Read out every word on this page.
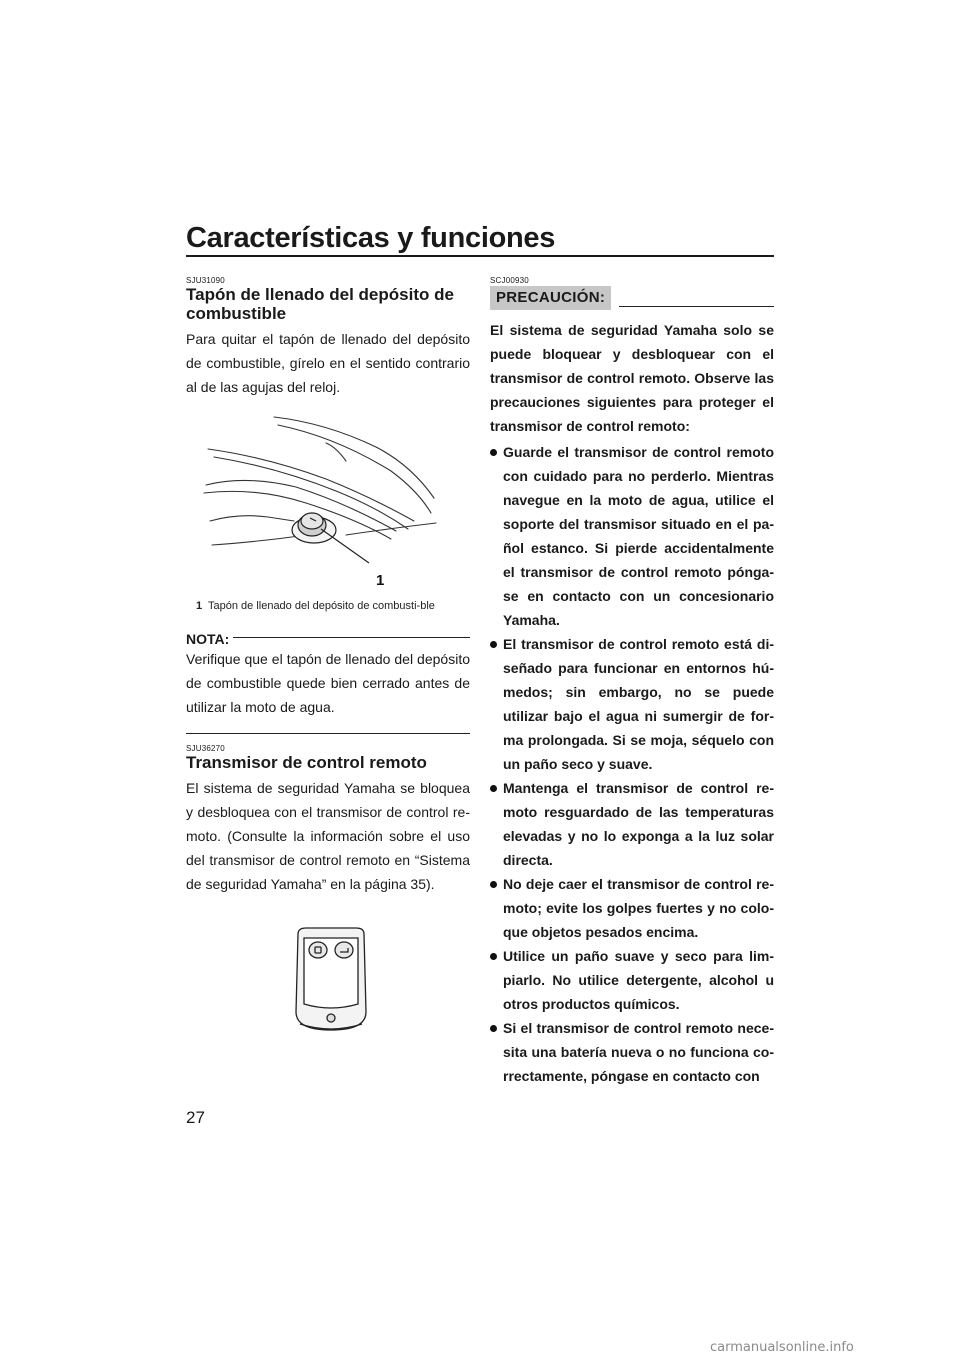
Características y funciones
SJU31090
Tapón de llenado del depósito de combustible

Para quitar el tapón de llenado del depósito de combustible, gírelo en el sentido contrario al de las agujas del reloj.

1
1 Tapón de llenado del depósito de combusti-ble
NOTA:

Verifique que el tapón de llenado del depósito de combustible quede bien cerrado antes de utilizar la moto de agua.

SJU36270
Transmisor de control remoto

El sistema de seguridad Yamaha se bloquea y desbloquea con el transmisor de control re-moto. (Consulte la información sobre el uso del transmisor de control remoto en “Sistema de seguridad Yamaha” en la página 35).

SCJ00930
PRECAUCIÓN:

El sistema de seguridad Yamaha solo se puede bloquear y desbloquear con el transmisor de control remoto. Observe las precauciones siguientes para proteger el transmisor de control remoto:

Guarde el transmisor de control remoto con cuidado para no perderlo. Mientras navegue en la moto de agua, utilice el soporte del transmisor situado en el pa-ñol estanco. Si pierde accidentalmente el transmisor de control remoto pónga-se en contacto con un concesionario Yamaha.
El transmisor de control remoto está di-señado para funcionar en entornos hú-medos; sin embargo, no se puede utilizar bajo el agua ni sumergir de for-ma prolongada. Si se moja, séquelo con un paño seco y suave.
Mantenga el transmisor de control re-moto resguardado de las temperaturas elevadas y no lo exponga a la luz solar directa.
No deje caer el transmisor de control re-moto; evite los golpes fuertes y no colo-que objetos pesados encima.
Utilice un paño suave y seco para lim-piarlo. No utilice detergente, alcohol u otros productos químicos.
Si el transmisor de control remoto nece-sita una batería nueva o no funciona co-rrectamente, póngase en contacto con
27
carmanualsonline.info
